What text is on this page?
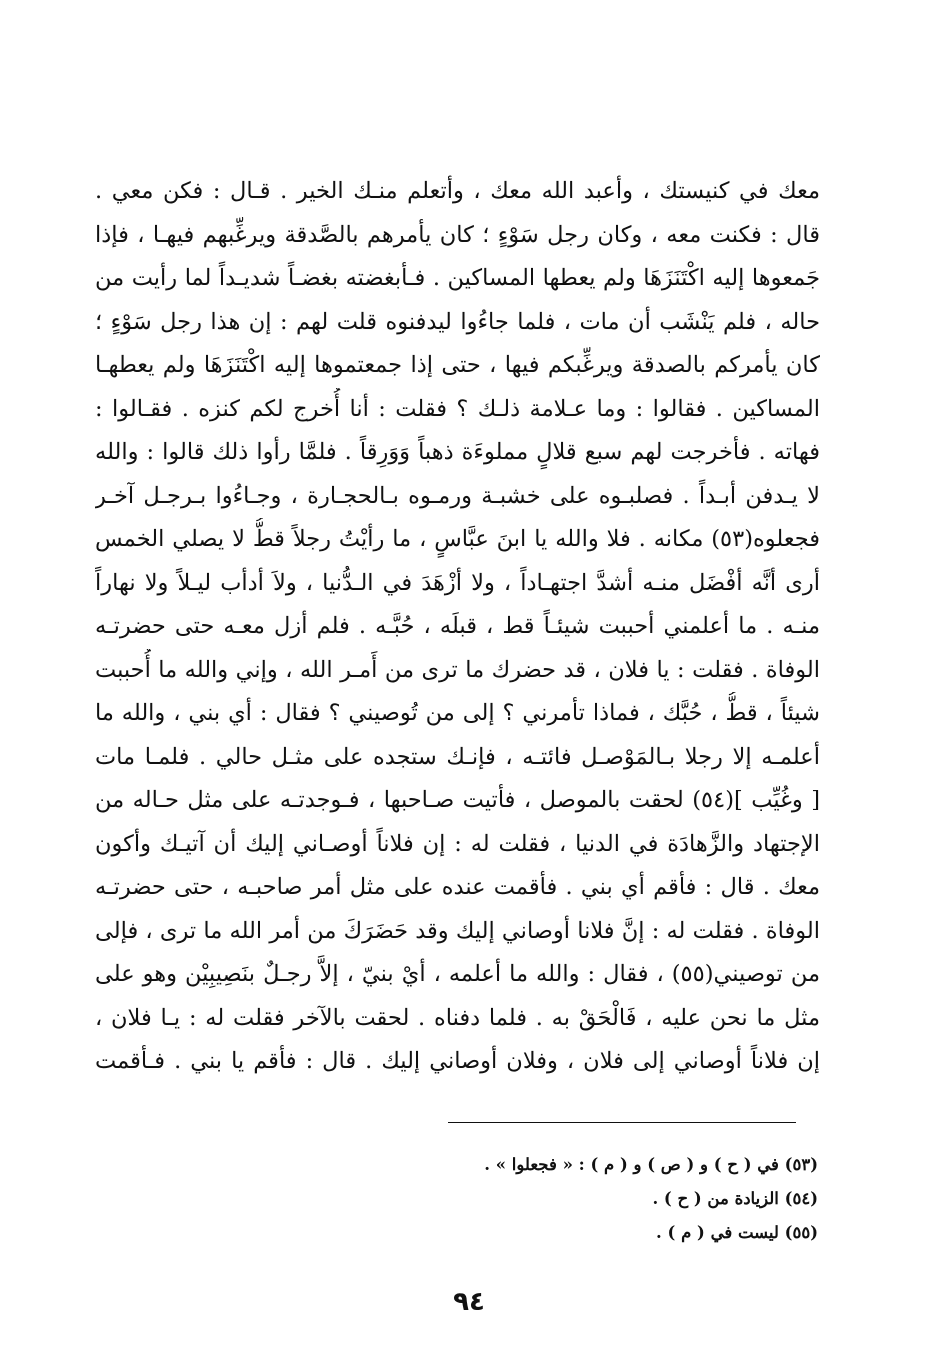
معك في كنيستك ، وأعبد الله معك ، وأتعلم منـك الخير . قـال : فكن معي .
قال : فكنت معه ، وكان رجل سَوْءٍ ؛ كان يأمرهم بالصَّدقة ويرغِّبهم فيهـا ، فإذا
جَمعوها إليه اكْتَنَزَهَا ولم يعطها المساكين . فـأبغضته بغضـاً شديـداً لما رأيت من
حاله ، فلم يَنْشَب أن مات ، فلما جاءُوا ليدفنوه قلت لهم : إن هذا رجل سَوْءٍ ؛
كان يأمركم بالصدقة ويرغِّبكم فيها ، حتى إذا جمعتموها إليه اكْتَنَزَهَا ولم يعطهـا
المساكين . فقالوا : وما عـلامة ذلـك ؟ فقلت : أنا أُخرج لكم كنزه . فقـالوا :
فهاته . فأخرجت لهم سبع قلالٍ مملوءَة ذهباً وَوَرِقاً . فلمَّا رأوا ذلك قالوا : والله
لا يـدفن أبـداً . فصلبـوه على خشبـة ورمـوه بـالحجـارة ، وجـاءُوا بـرجـل آخـر
فجعلوه(٥٣) مكانه . فلا والله يا ابنَ عبَّاسٍ ، ما رأيْتُ رجلاً قطُّ لا يصلي الخمس
أرى أنَّه أفْضَل منـه أشدَّ اجتهـاداً ، ولا أزْهَدَ في الـدُّنيا ، ولاَ أدأب ليـلاً ولا نهاراً
منـه . ما أعلمني أحببت شيئـاً قط ، قبلَه ، حُبَّـه . فلم أزل معـه حتى حضرتـه
الوفاة . فقلت : يا فلان ، قد حضرك ما ترى من أَمـر الله ، وإني والله ما أُحببت
شيئاً ، قطُّ ، حُبَّك ، فماذا تأمرني ؟ إلى من تُوصيني ؟ فقال : أي بني ، والله ما
أعلمـه إلا رجلا بـالمَوْصـل فائتـه ، فإنـك ستجده على مثـل حالي . فلمـا مات
[ وغُيِّب ](٥٤) لحقت بالموصل ، فأتيت صـاحبها ، فـوجدتـه على مثل حـاله من
الإجتهاد والزَّهادَة في الدنيا ، فقلت له : إن فلاناً أوصـاني إليك أن آتيـك وأكون
معك . قال : فأقم أي بني . فأقمت عنده على مثل أمر صاحبـه ، حتى حضرتـه
الوفاة . فقلت له : إنَّ فلانا أوصاني إليك وقد حَضَرَكَ من أمر الله ما ترى ، فإلى
من توصيني(٥٥) ، فقال : والله ما أعلمه ، أيْ بنيّ ، إلاَّ رجـلٌ بنَصِيبِيْن وهو على
مثل ما نحن عليه ، فَالْحَقْ به . فلما دفناه . لحقت بالآخر فقلت له : يـا فلان ،
إن فلاناً أوصاني إلى فلان ، وفلان أوصاني إليك . قال : فأقم يا بني . فـأقمت
(٥٣) في ( ح ) و ( ص ) و ( م ) : « فجعلوا » .
(٥٤) الزيادة من ( ح ) .
(٥٥) ليست في ( م ) .
٩٤
